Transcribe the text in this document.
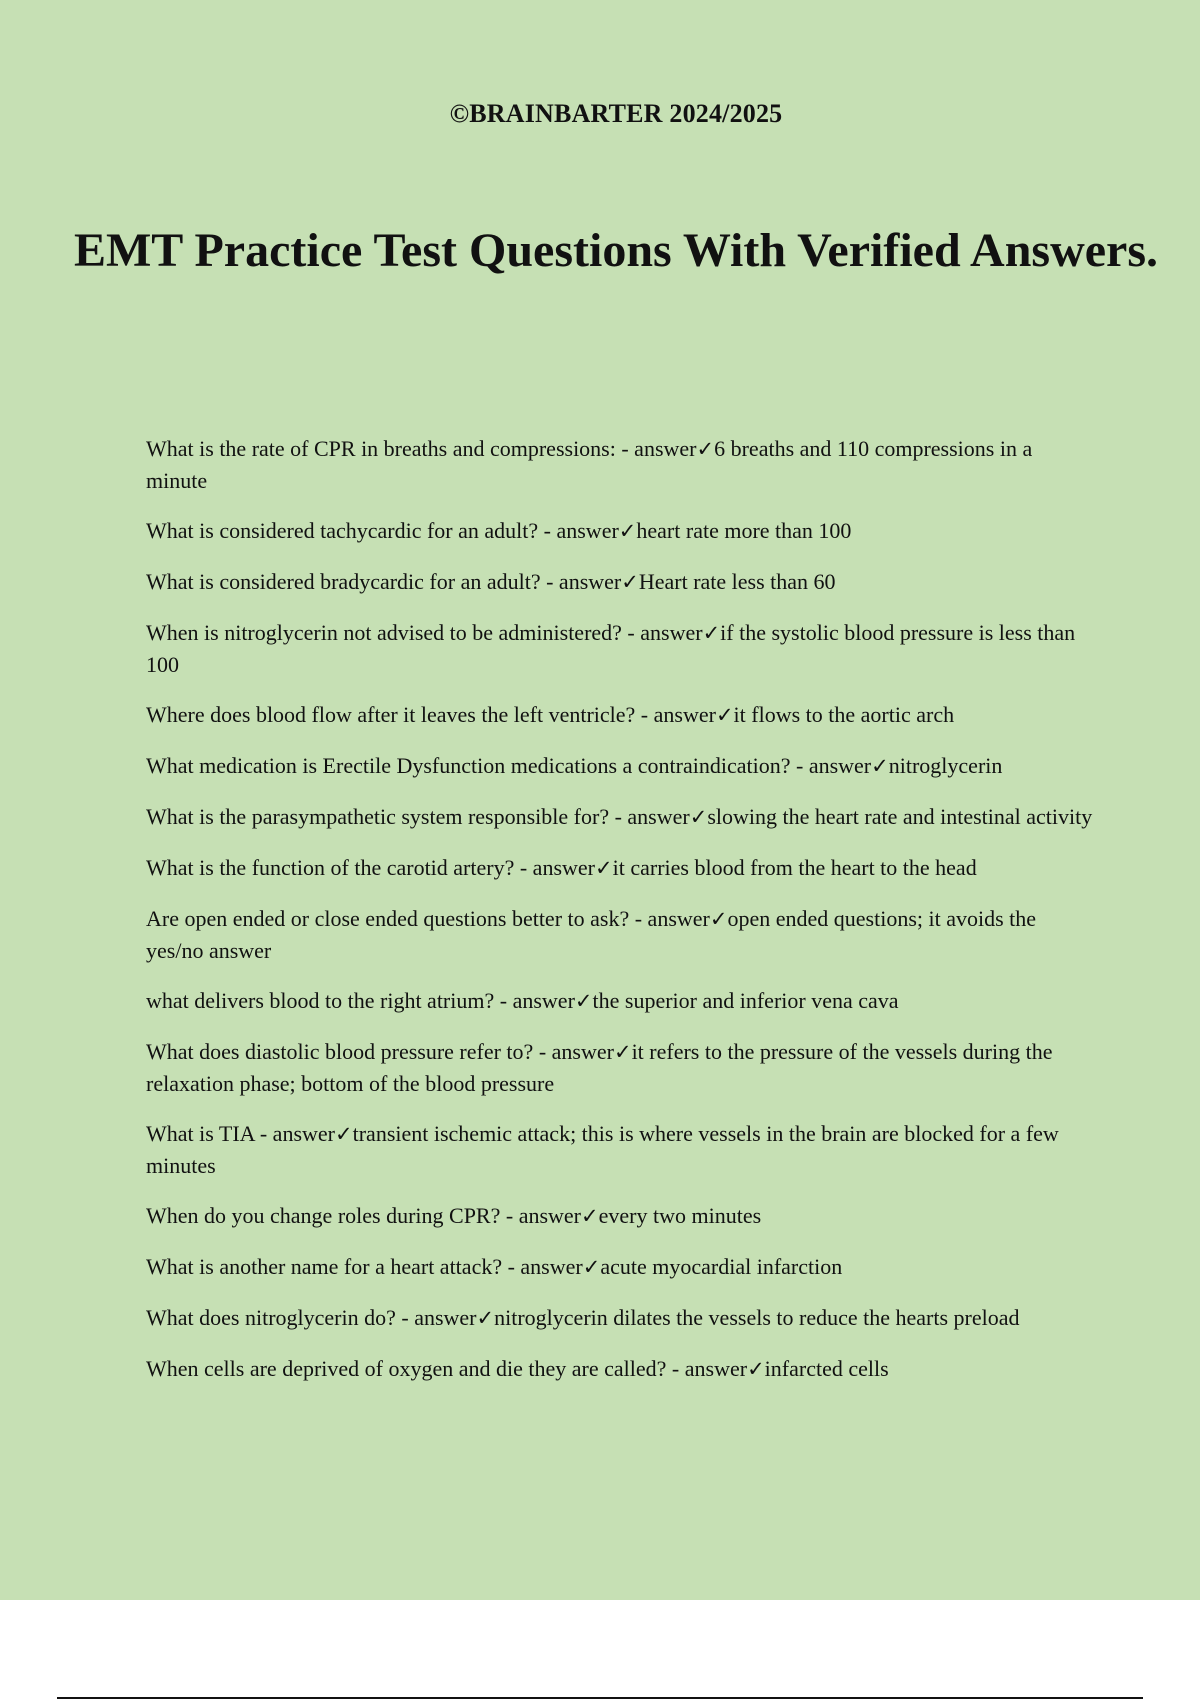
©BRAINBARTER 2024/2025
EMT Practice Test Questions With Verified Answers.
What is the rate of CPR in breaths and compressions: - answer✓6 breaths and 110 compressions in a minute
What is considered tachycardic for an adult? - answer✓heart rate more than 100
What is considered bradycardic for an adult? - answer✓Heart rate less than 60
When is nitroglycerin not advised to be administered? - answer✓if the systolic blood pressure is less than 100
Where does blood flow after it leaves the left ventricle? - answer✓it flows to the aortic arch
What medication is Erectile Dysfunction medications a contraindication? - answer✓nitroglycerin
What is the parasympathetic system responsible for? - answer✓slowing the heart rate and intestinal activity
What is the function of the carotid artery? - answer✓it carries blood from the heart to the head
Are open ended or close ended questions better to ask? - answer✓open ended questions; it avoids the yes/no answer
what delivers blood to the right atrium? - answer✓the superior and inferior vena cava
What does diastolic blood pressure refer to? - answer✓it refers to the pressure of the vessels during the relaxation phase; bottom of the blood pressure
What is TIA - answer✓transient ischemic attack; this is where vessels in the brain are blocked for a few minutes
When do you change roles during CPR? - answer✓every two minutes
What is another name for a heart attack? - answer✓acute myocardial infarction
What does nitroglycerin do? - answer✓nitroglycerin dilates the vessels to reduce the hearts preload
When cells are deprived of oxygen and die they are called? - answer✓infarcted cells
